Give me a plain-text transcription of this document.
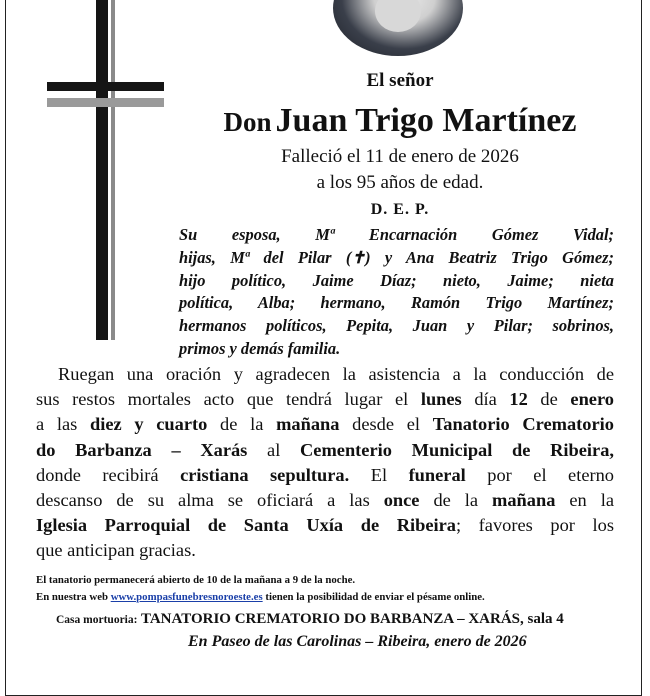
El señor
Don Juan Trigo Martínez
Falleció el 11 de enero de 2026
a los 95 años de edad.
D. E. P.
Su esposa, Mª Encarnación Gómez Vidal;
hijas, Mª del Pilar (✝) y Ana Beatriz Trigo Gómez;
hijo político, Jaime Díaz; nieto, Jaime; nieta
política, Alba; hermano, Ramón Trigo Martínez;
hermanos políticos, Pepita, Juan y Pilar; sobrinos,
primos y demás familia.
Ruegan una oración y agradecen la asistencia a la conducción de
sus restos mortales acto que tendrá lugar el lunes día 12 de enero
a las diez y cuarto de la mañana desde el Tanatorio Crematorio
do Barbanza – Xarás al Cementerio Municipal de Ribeira,
donde recibirá cristiana sepultura. El funeral por el eterno
descanso de su alma se oficiará a las once de la mañana en la
Iglesia Parroquial de Santa Uxía de Ribeira; favores por los
que anticipan gracias.
El tanatorio permanecerá abierto de 10 de la mañana a 9 de la noche.
En nuestra web www.pompasfunebresnoroeste.es tienen la posibilidad de enviar el pésame online.
Casa mortuoria: TANATORIO CREMATORIO DO BARBANZA – XARÁS, sala 4
En Paseo de las Carolinas – Ribeira, enero de 2026
